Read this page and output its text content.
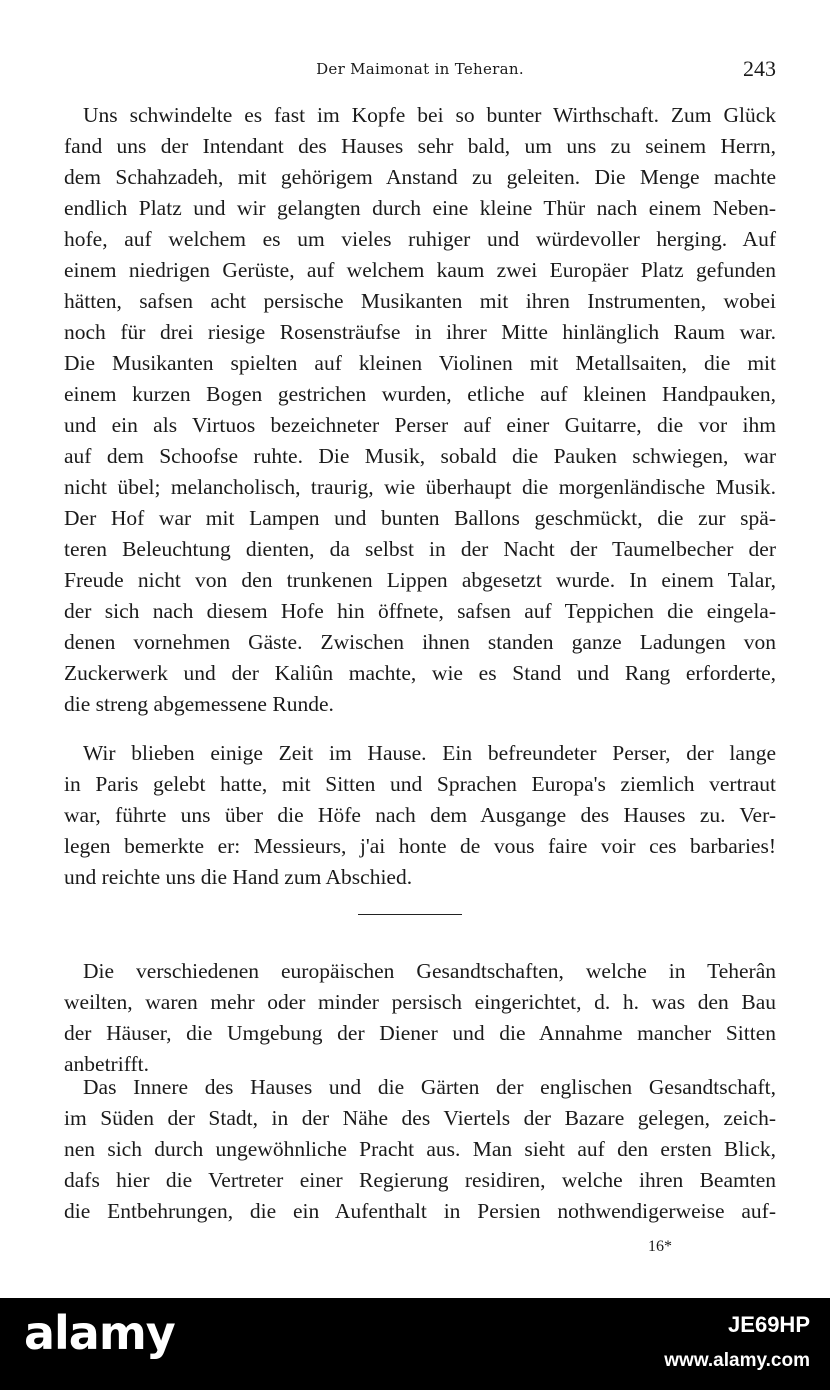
Der Maimonat in Teheran.	243
Uns schwindelte es fast im Kopfe bei so bunter Wirthschaft. Zum Glück
fand uns der Intendant des Hauses sehr bald, um uns zu seinem Herrn,
dem Schahzadeh, mit gehörigem Anstand zu geleiten. Die Menge machte
endlich Platz und wir gelangten durch eine kleine Thür nach einem Neben-
hofe, auf welchem es um vieles ruhiger und würdevoller herging. Auf
einem niedrigen Gerüste, auf welchem kaum zwei Europäer Platz gefunden
hätten, safsen acht persische Musikanten mit ihren Instrumenten, wobei
noch für drei riesige Rosensträufse in ihrer Mitte hinlänglich Raum war.
Die Musikanten spielten auf kleinen Violinen mit Metallsaiten, die mit
einem kurzen Bogen gestrichen wurden, etliche auf kleinen Handpauken,
und ein als Virtuos bezeichneter Perser auf einer Guitarre, die vor ihm
auf dem Schoofse ruhte. Die Musik, sobald die Pauken schwiegen, war
nicht übel; melancholisch, traurig, wie überhaupt die morgenländische Musik.
Der Hof war mit Lampen und bunten Ballons geschmückt, die zur spä-
teren Beleuchtung dienten, da selbst in der Nacht der Taumelbecher der
Freude nicht von den trunkenen Lippen abgesetzt wurde. In einem Talar,
der sich nach diesem Hofe hin öffnete, safsen auf Teppichen die eingela-
denen vornehmen Gäste. Zwischen ihnen standen ganze Ladungen von
Zuckerwerk und der Kaliûn machte, wie es Stand und Rang erforderte,
die streng abgemessene Runde.
Wir blieben einige Zeit im Hause. Ein befreundeter Perser, der lange
in Paris gelebt hatte, mit Sitten und Sprachen Europa's ziemlich vertraut
war, führte uns über die Höfe nach dem Ausgange des Hauses zu. Ver-
legen bemerkte er: Messieurs, j'ai honte de vous faire voir ces barbaries!
und reichte uns die Hand zum Abschied.
Die verschiedenen europäischen Gesandtschaften, welche in Teherân
weilten, waren mehr oder minder persisch eingerichtet, d. h. was den Bau
der Häuser, die Umgebung der Diener und die Annahme mancher Sitten
anbetrifft.
Das Innere des Hauses und die Gärten der englischen Gesandtschaft,
im Süden der Stadt, in der Nähe des Viertels der Bazare gelegen, zeich-
nen sich durch ungewöhnliche Pracht aus. Man sieht auf den ersten Blick,
dafs hier die Vertreter einer Regierung residiren, welche ihren Beamten
die Entbehrungen, die ein Aufenthalt in Persien nothwendigerweise auf-
16*
alamy	JE69HP
www.alamy.com
